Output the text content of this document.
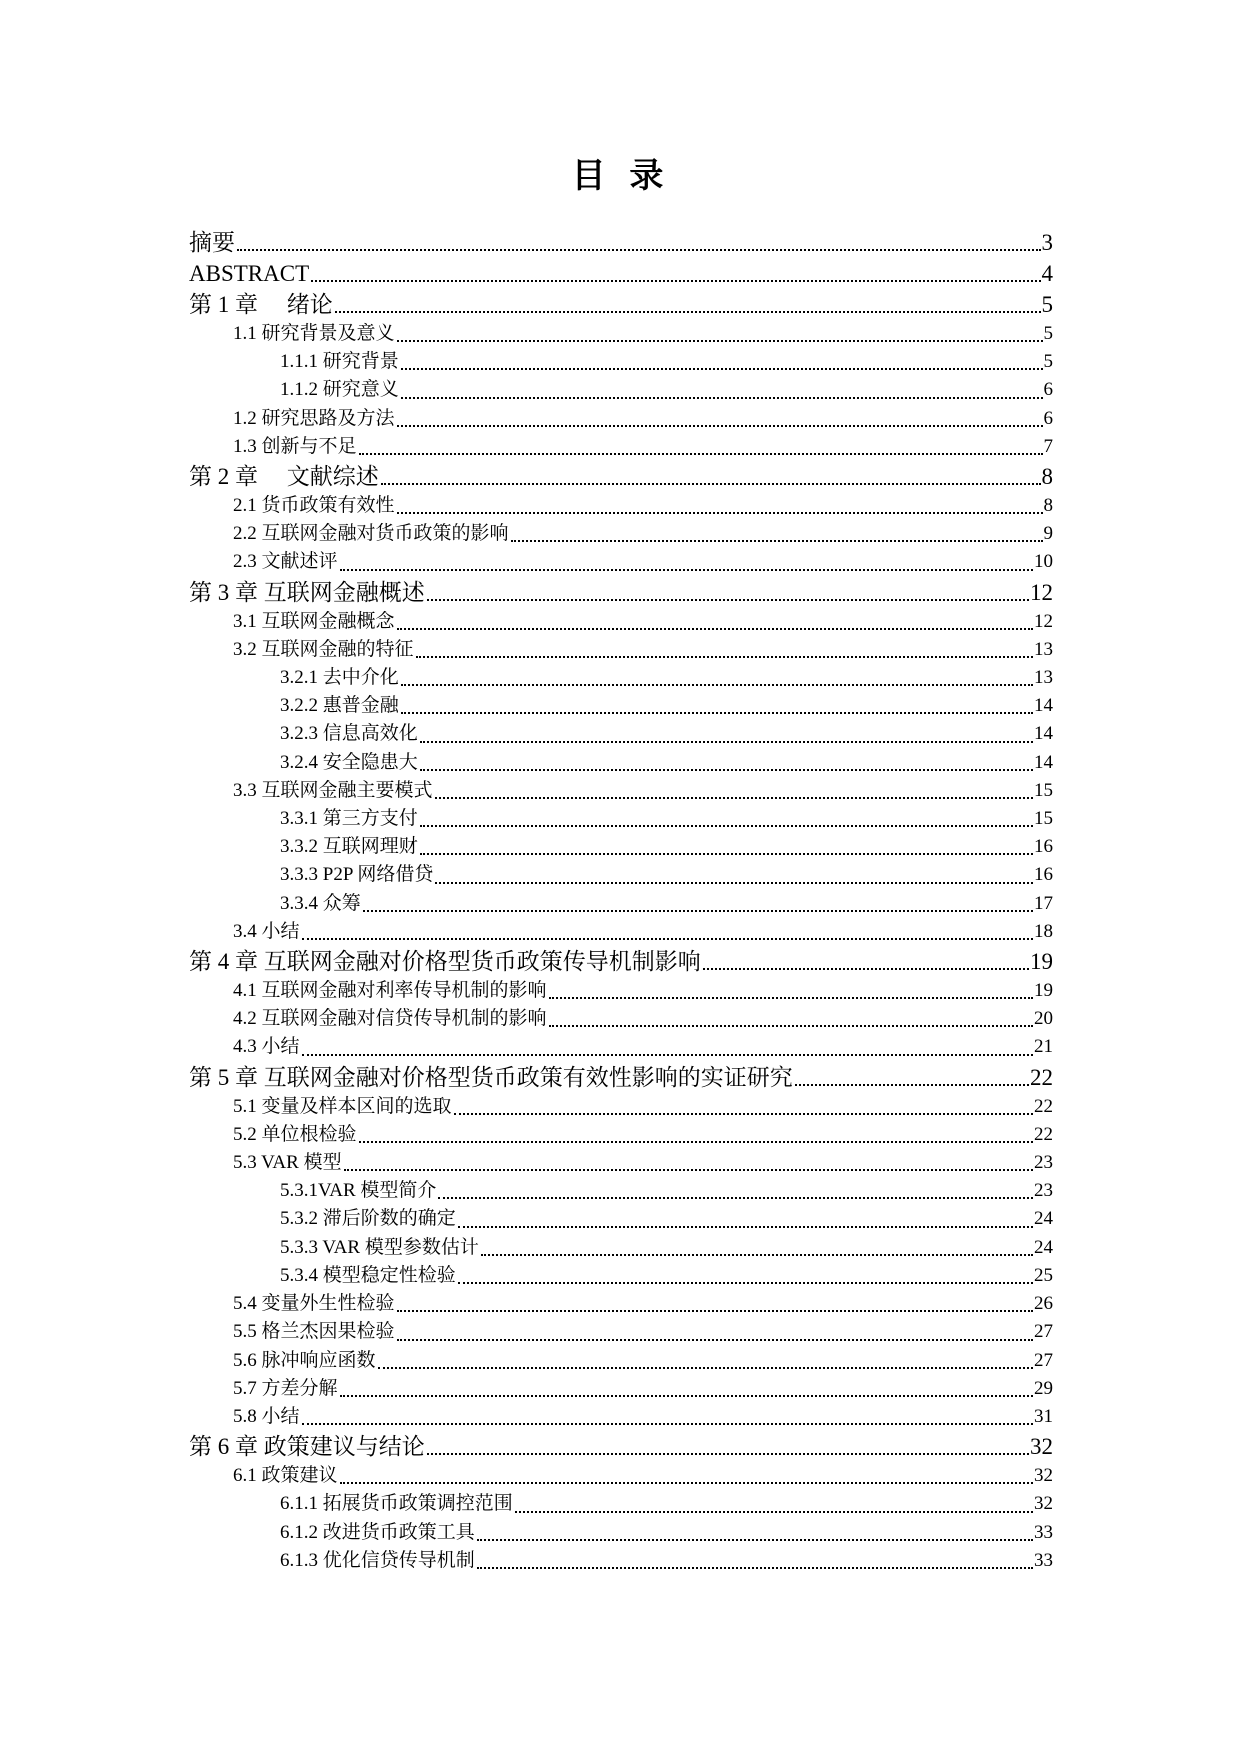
目 录
摘要	3
ABSTRACT	4
第 1 章　 绪论	5
1.1 研究背景及意义	5
1.1.1 研究背景	5
1.1.2 研究意义	6
1.2 研究思路及方法	6
1.3 创新与不足	7
第 2 章　 文献综述	8
2.1 货币政策有效性	8
2.2 互联网金融对货币政策的影响	9
2.3 文献述评	10
第 3 章 互联网金融概述	12
3.1 互联网金融概念	12
3.2 互联网金融的特征	13
3.2.1 去中介化	13
3.2.2 惠普金融	14
3.2.3 信息高效化	14
3.2.4 安全隐患大	14
3.3 互联网金融主要模式	15
3.3.1 第三方支付	15
3.3.2 互联网理财	16
3.3.3 P2P 网络借贷	16
3.3.4 众筹	17
3.4 小结	18
第 4 章 互联网金融对价格型货币政策传导机制影响	19
4.1 互联网金融对利率传导机制的影响	19
4.2 互联网金融对信贷传导机制的影响	20
4.3 小结	21
第 5 章 互联网金融对价格型货币政策有效性影响的实证研究	22
5.1 变量及样本区间的选取	22
5.2 单位根检验	22
5.3 VAR 模型	23
5.3.1VAR 模型简介	23
5.3.2 滞后阶数的确定	24
5.3.3 VAR 模型参数估计	24
5.3.4 模型稳定性检验	25
5.4 变量外生性检验	26
5.5 格兰杰因果检验	27
5.6 脉冲响应函数	27
5.7 方差分解	29
5.8 小结	31
第 6 章 政策建议与结论	32
6.1 政策建议	32
6.1.1 拓展货币政策调控范围	32
6.1.2 改进货币政策工具	33
6.1.3 优化信贷传导机制	33
